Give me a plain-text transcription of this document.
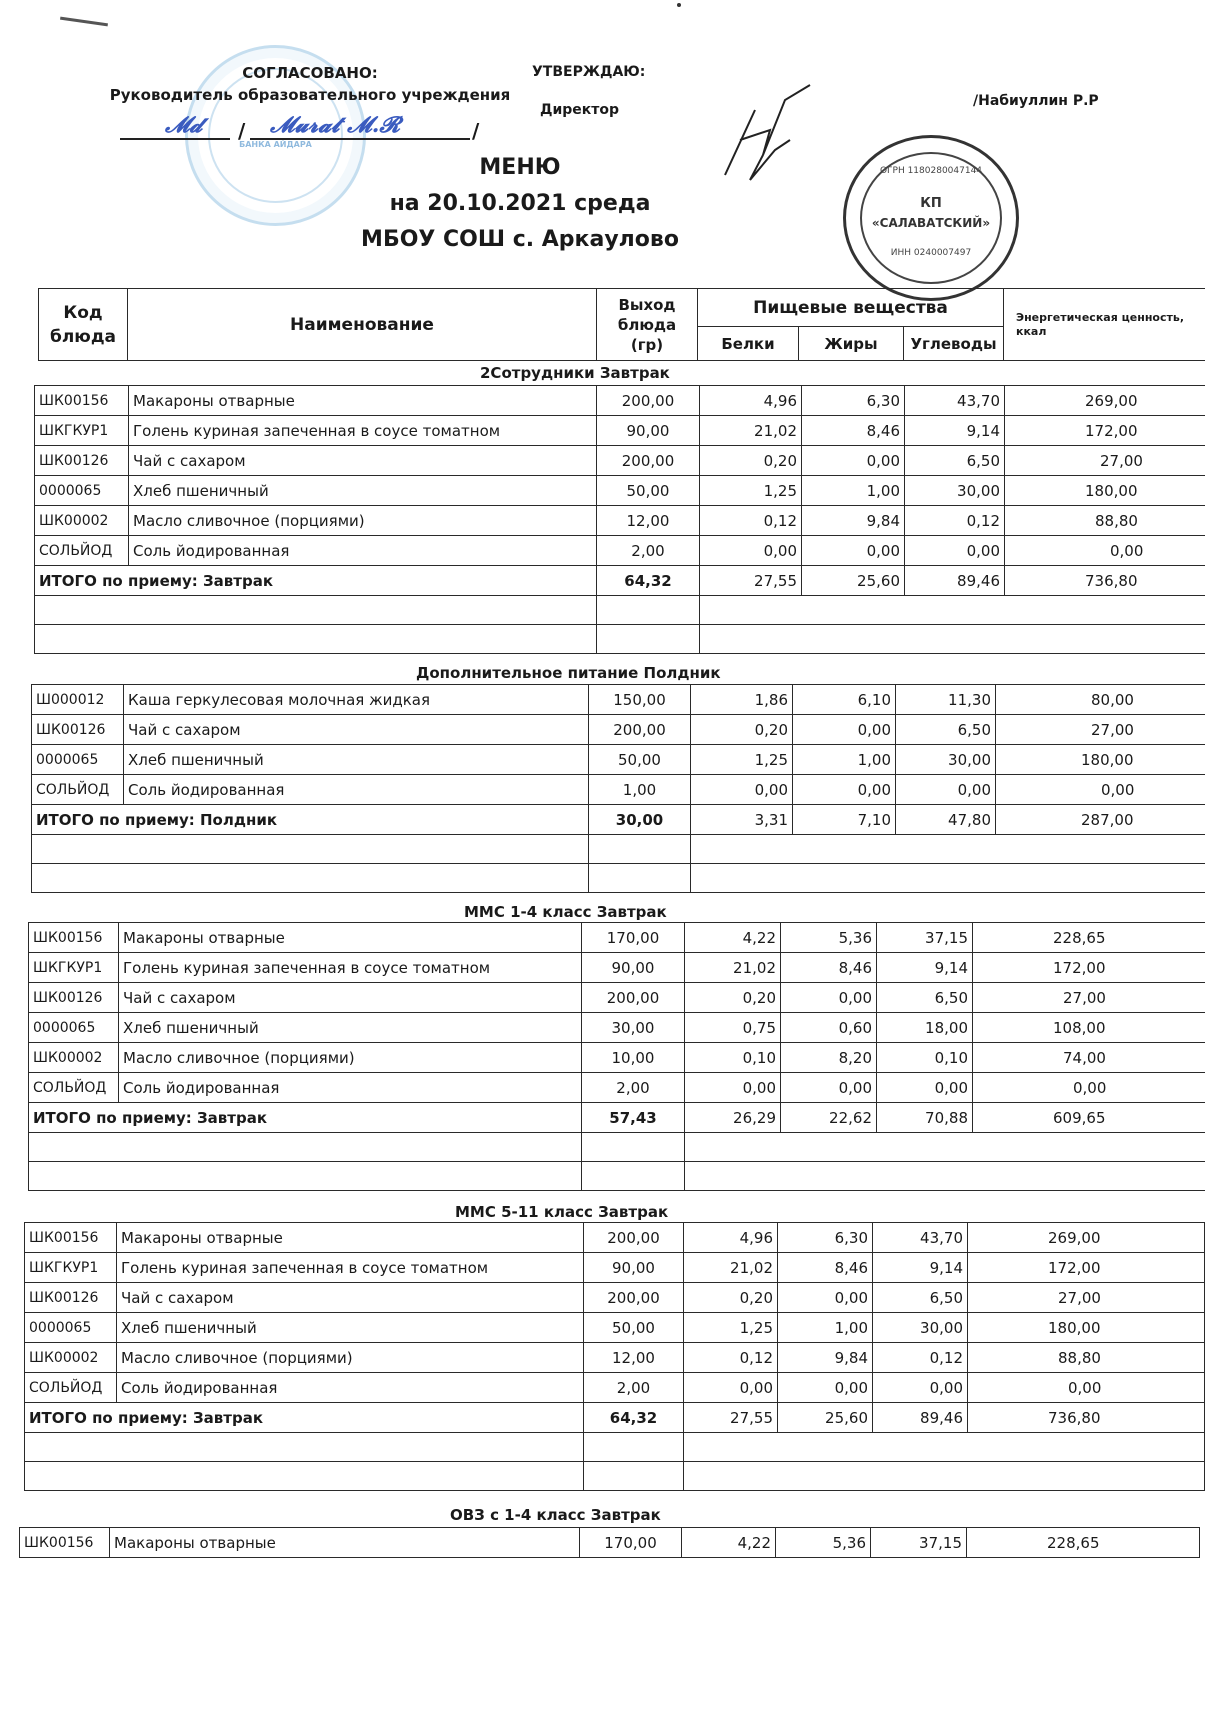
БАНКА АЙДАРА
СОГЛАСОВАНО:
Руководитель образовательного учреждения
𝓜𝓭 / 𝓜𝓾𝓻𝓪𝓽 𝓜.𝓡	/
УТВЕРЖДАЮ:
Директор
/Набиуллин Р.Р
ОГРН 1180280047144
КП
«САЛАВАТСКИЙ»
ИНН 0240007497
МЕНЮ
на 20.10.2021 среда
МБОУ СОШ с. Аркаулово
Код блюда	Наименование	Выход блюда (гр)	Пищевые вещества			Энергетическая ценность, ккал
			Белки	Жиры	Углеводы	
2Сотрудники Завтрак
ШК00156	Макароны отварные	200,00	4,96	6,30	43,70	269,00
ШКГКУР1	Голень куриная запеченная в соусе томатном	90,00	21,02	8,46	9,14	172,00
ШК00126	Чай с сахаром	200,00	0,20	0,00	6,50	27,00
0000065	Хлеб пшеничный	50,00	1,25	1,00	30,00	180,00
ШК00002	Масло сливочное (порциями)	12,00	0,12	9,84	0,12	88,80
СОЛЬЙОД	Соль йодированная	2,00	0,00	0,00	0,00	0,00
ИТОГО по приему: Завтрак		64,32	27,55	25,60	89,46	736,80

Дополнительное питание Полдник
Ш000012	Каша геркулесовая молочная жидкая	150,00	1,86	6,10	11,30	80,00
ШК00126	Чай с сахаром	200,00	0,20	0,00	6,50	27,00
0000065	Хлеб пшеничный	50,00	1,25	1,00	30,00	180,00
СОЛЬЙОД	Соль йодированная	1,00	0,00	0,00	0,00	0,00
ИТОГО по приему: Полдник		30,00	3,31	7,10	47,80	287,00

ММС 1-4 класс Завтрак
ШК00156	Макароны отварные	170,00	4,22	5,36	37,15	228,65
ШКГКУР1	Голень куриная запеченная в соусе томатном	90,00	21,02	8,46	9,14	172,00
ШК00126	Чай с сахаром	200,00	0,20	0,00	6,50	27,00
0000065	Хлеб пшеничный	30,00	0,75	0,60	18,00	108,00
ШК00002	Масло сливочное (порциями)	10,00	0,10	8,20	0,10	74,00
СОЛЬЙОД	Соль йодированная	2,00	0,00	0,00	0,00	0,00
ИТОГО по приему: Завтрак		57,43	26,29	22,62	70,88	609,65

ММС 5-11 класс Завтрак
ШК00156	Макароны отварные	200,00	4,96	6,30	43,70	269,00
ШКГКУР1	Голень куриная запеченная в соусе томатном	90,00	21,02	8,46	9,14	172,00
ШК00126	Чай с сахаром	200,00	0,20	0,00	6,50	27,00
0000065	Хлеб пшеничный	50,00	1,25	1,00	30,00	180,00
ШК00002	Масло сливочное (порциями)	12,00	0,12	9,84	0,12	88,80
СОЛЬЙОД	Соль йодированная	2,00	0,00	0,00	0,00	0,00
ИТОГО по приему: Завтрак		64,32	27,55	25,60	89,46	736,80

ОВЗ с 1-4 класс Завтрак
ШК00156	Макароны отварные	170,00	4,22	5,36	37,15	228,65
